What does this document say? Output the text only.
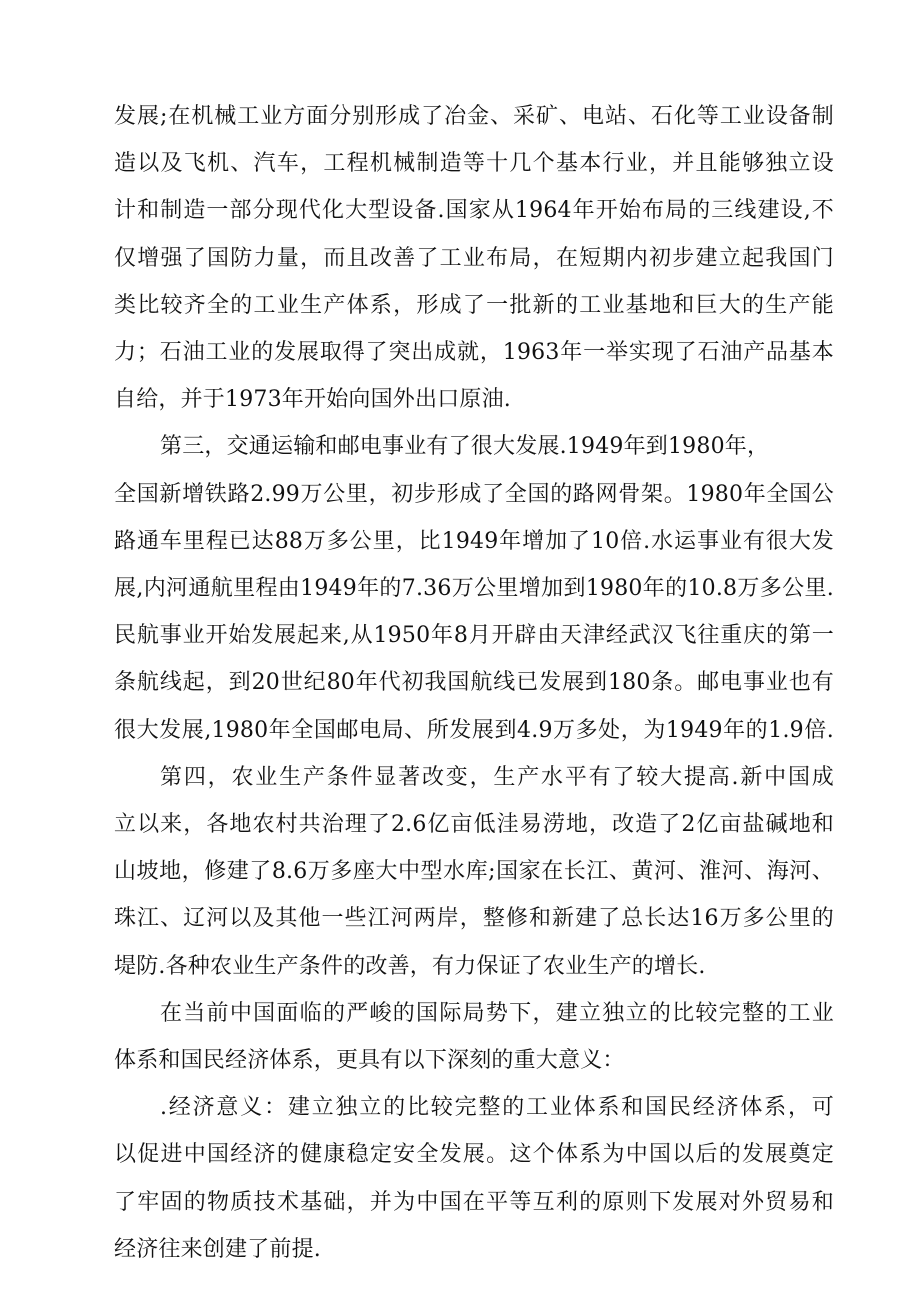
发展;在机械工业方面分别形成了冶金、采矿、电站、石化等工业设备制
造以及飞机、汽车，工程机械制造等十几个基本行业，并且能够独立设
计和制造一部分现代化大型设备.国家从1964年开始布局的三线建设,不
仅增强了国防力量，而且改善了工业布局，在短期内初步建立起我国门
类比较齐全的工业生产体系，形成了一批新的工业基地和巨大的生产能
力；石油工业的发展取得了突出成就，1963年一举实现了石油产品基本
自给，并于1973年开始向国外出口原油.
第三，交通运输和邮电事业有了很大发展.1949年到1980年，
全国新增铁路2.99万公里，初步形成了全国的路网骨架。1980年全国公
路通车里程已达88万多公里，比1949年增加了10倍.水运事业有很大发
展,内河通航里程由1949年的7.36万公里增加到1980年的10.8万多公里.
民航事业开始发展起来,从1950年8月开辟由天津经武汉飞往重庆的第一
条航线起，到20世纪80年代初我国航线已发展到180条。邮电事业也有
很大发展,1980年全国邮电局、所发展到4.9万多处，为1949年的1.9倍.
第四，农业生产条件显著改变，生产水平有了较大提高.新中国成
立以来，各地农村共治理了2.6亿亩低洼易涝地，改造了2亿亩盐碱地和
山坡地，修建了8.6万多座大中型水库;国家在长江、黄河、淮河、海河、
珠江、辽河以及其他一些江河两岸，整修和新建了总长达16万多公里的
堤防.各种农业生产条件的改善，有力保证了农业生产的增长.
在当前中国面临的严峻的国际局势下，建立独立的比较完整的工业
体系和国民经济体系，更具有以下深刻的重大意义：
.经济意义：建立独立的比较完整的工业体系和国民经济体系，可
以促进中国经济的健康稳定安全发展。这个体系为中国以后的发展奠定
了牢固的物质技术基础，并为中国在平等互利的原则下发展对外贸易和
经济往来创建了前提.
